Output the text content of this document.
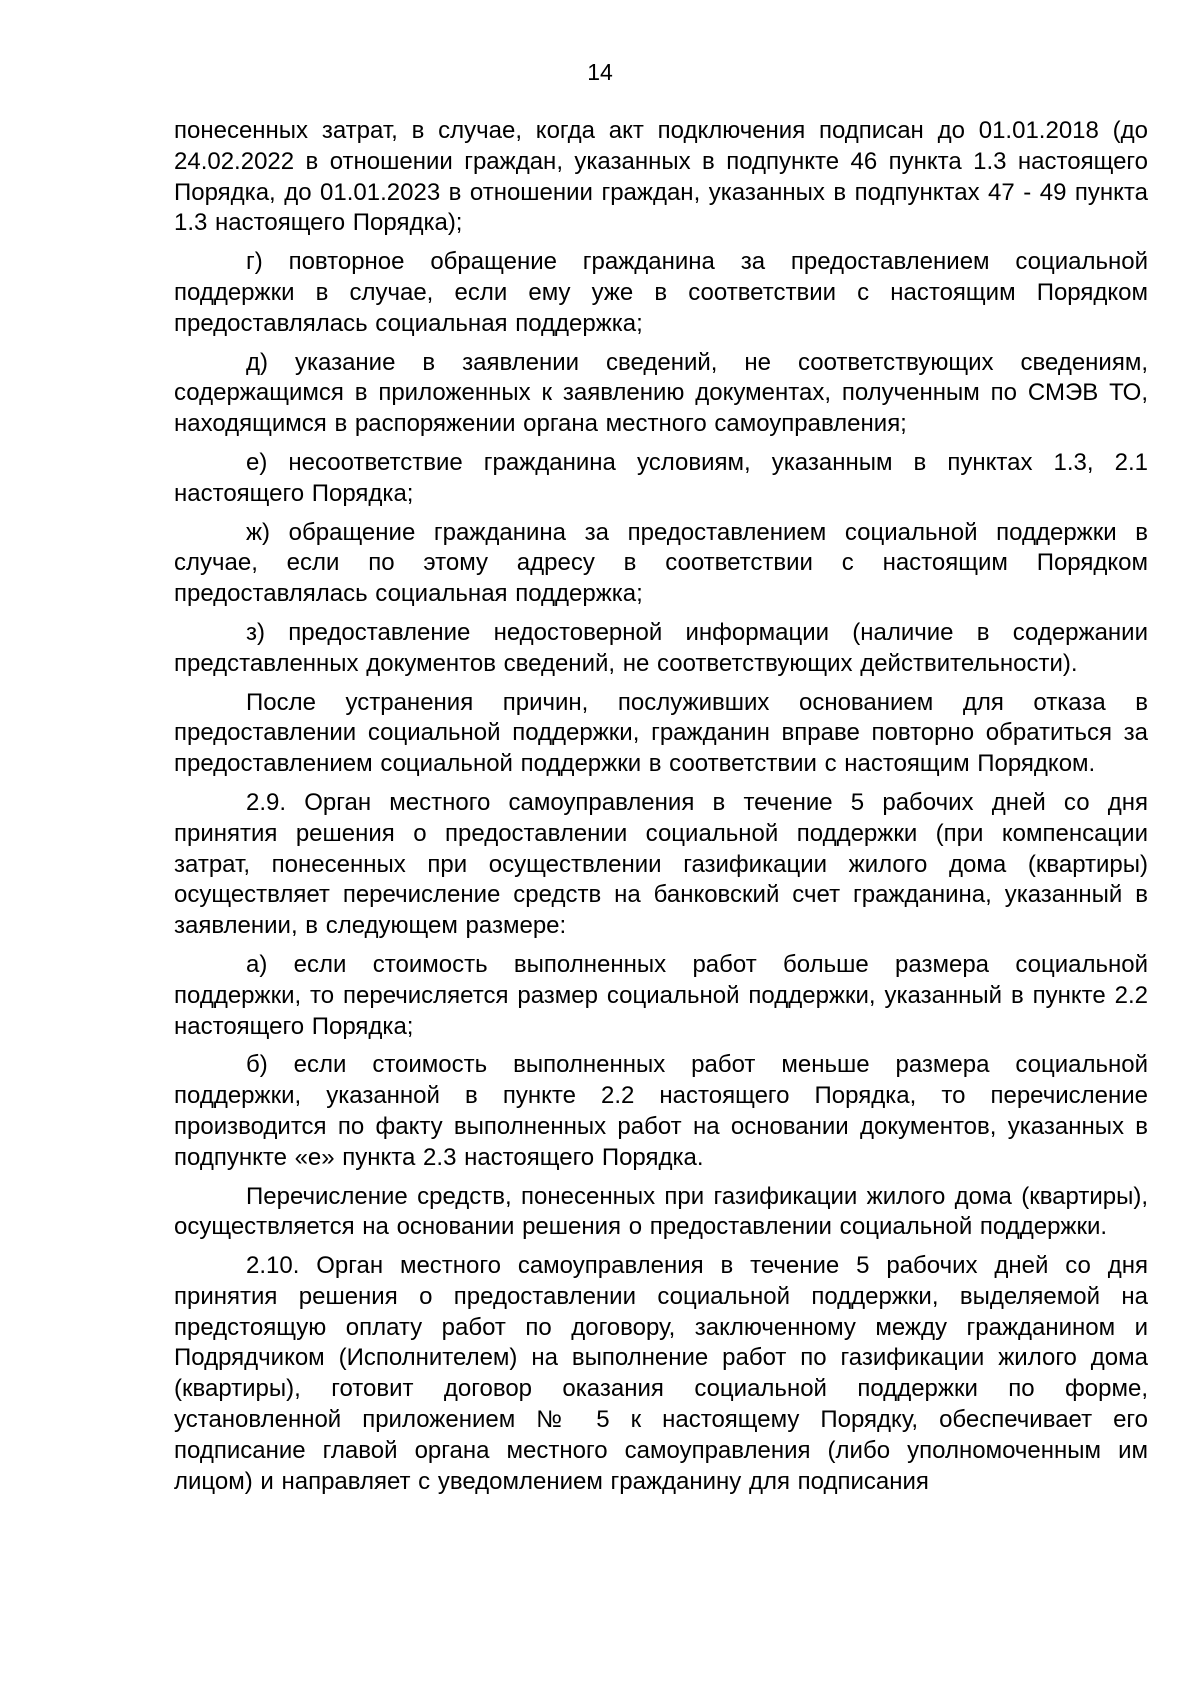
14

понесенных затрат, в случае, когда акт подключения подписан до 01.01.2018 (до 24.02.2022 в отношении граждан, указанных в подпункте 46 пункта 1.3 настоящего Порядка, до 01.01.2023 в отношении граждан, указанных в подпунктах 47 - 49 пункта 1.3 настоящего Порядка);

г) повторное обращение гражданина за предоставлением социальной поддержки в случае, если ему уже в соответствии с настоящим Порядком предоставлялась социальная поддержка;

д) указание в заявлении сведений, не соответствующих сведениям, содержащимся в приложенных к заявлению документах, полученным по СМЭВ ТО, находящимся в распоряжении органа местного самоуправления;

е) несоответствие гражданина условиям, указанным в пунктах 1.3, 2.1 настоящего Порядка;

ж) обращение гражданина за предоставлением социальной поддержки в случае, если по этому адресу в соответствии с настоящим Порядком предоставлялась социальная поддержка;

з) предоставление недостоверной информации (наличие в содержании представленных документов сведений, не соответствующих действительности).

После устранения причин, послуживших основанием для отказа в предоставлении социальной поддержки, гражданин вправе повторно обратиться за предоставлением социальной поддержки в соответствии с настоящим Порядком.

2.9. Орган местного самоуправления в течение 5 рабочих дней со дня принятия решения о предоставлении социальной поддержки (при компенсации затрат, понесенных при осуществлении газификации жилого дома (квартиры) осуществляет перечисление средств на банковский счет гражданина, указанный в заявлении, в следующем размере:

а) если стоимость выполненных работ больше размера социальной поддержки, то перечисляется размер социальной поддержки, указанный в пункте 2.2 настоящего Порядка;

б) если стоимость выполненных работ меньше размера социальной поддержки, указанной в пункте 2.2 настоящего Порядка, то перечисление производится по факту выполненных работ на основании документов, указанных в подпункте «е» пункта 2.3 настоящего Порядка.

Перечисление средств, понесенных при газификации жилого дома (квартиры), осуществляется на основании решения о предоставлении социальной поддержки.

2.10. Орган местного самоуправления в течение 5 рабочих дней со дня принятия решения о предоставлении социальной поддержки, выделяемой на предстоящую оплату работ по договору, заключенному между гражданином и Подрядчиком (Исполнителем) на выполнение работ по газификации жилого дома (квартиры), готовит договор оказания социальной поддержки по форме, установленной приложением № 5 к настоящему Порядку, обеспечивает его подписание главой органа местного самоуправления (либо уполномоченным им лицом) и направляет с уведомлением гражданину для подписания
